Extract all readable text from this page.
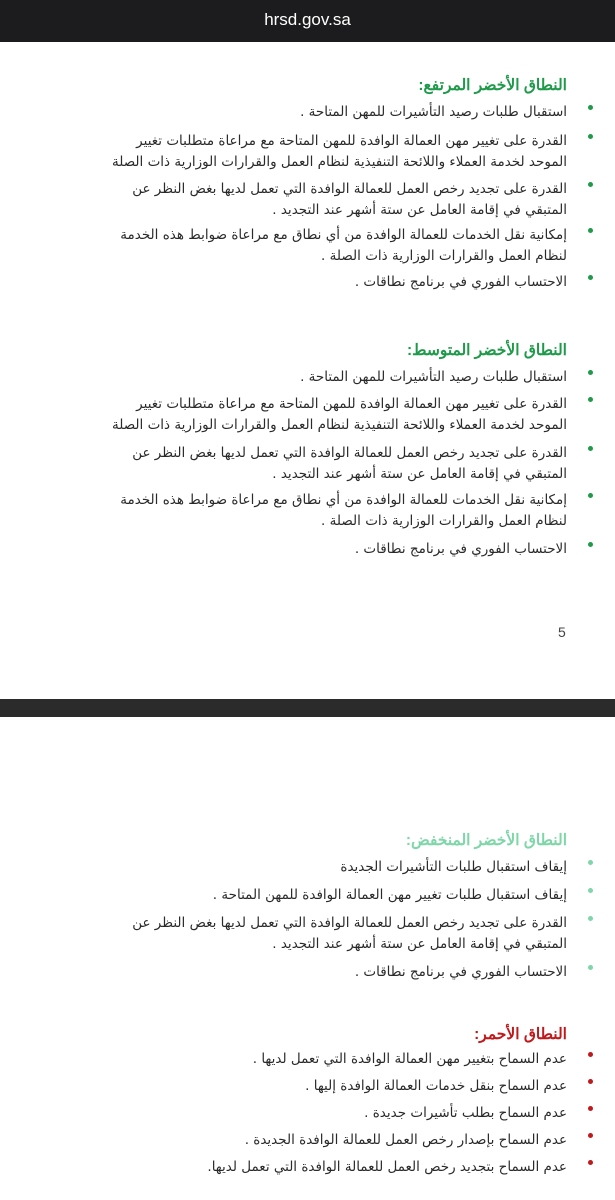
hrsd.gov.sa
النطاق الأخضر المرتفع:
استقبال طلبات رصيد التأشيرات للمهن المتاحة .
القدرة على تغيير مهن العمالة الوافدة للمهن المتاحة مع مراعاة متطلبات تغيير
الموحد لخدمة العملاء واللائحة التنفيذية لنظام العمل والقرارات الوزارية ذات الصلة
القدرة على تجديد رخص العمل للعمالة الوافدة التي تعمل لديها بغض النظر عن
المتبقي في إقامة العامل عن ستة أشهر عند التجديد .
إمكانية نقل الخدمات للعمالة الوافدة من أي نطاق مع مراعاة ضوابط هذه الخدمة
لنظام العمل والقرارات الوزارية ذات الصلة .
الاحتساب الفوري في برنامج نطاقات .
النطاق الأخضر المتوسط:
استقبال طلبات رصيد التأشيرات للمهن المتاحة .
القدرة على تغيير مهن العمالة الوافدة للمهن المتاحة مع مراعاة متطلبات تغيير
الموحد لخدمة العملاء واللائحة التنفيذية لنظام العمل والقرارات الوزارية ذات الصلة
القدرة على تجديد رخص العمل للعمالة الوافدة التي تعمل لديها بغض النظر عن
المتبقي في إقامة العامل عن ستة أشهر عند التجديد .
إمكانية نقل الخدمات للعمالة الوافدة من أي نطاق مع مراعاة ضوابط هذه الخدمة
لنظام العمل والقرارات الوزارية ذات الصلة .
الاحتساب الفوري في برنامج نطاقات .
5
النطاق الأخضر المنخفض:
إيقاف استقبال طلبات التأشيرات الجديدة
إيقاف استقبال طلبات تغيير مهن العمالة الوافدة للمهن المتاحة .
القدرة على تجديد رخص العمل للعمالة الوافدة التي تعمل لديها بغض النظر عن
المتبقي في إقامة العامل عن ستة أشهر عند التجديد .
الاحتساب الفوري في برنامج نطاقات .
النطاق الأحمر:
عدم السماح بتغيير مهن العمالة الوافدة التي تعمل لديها .
عدم السماح بنقل خدمات العمالة الوافدة إليها .
عدم السماح بطلب تأشيرات جديدة .
عدم السماح بإصدار رخص العمل للعمالة الوافدة الجديدة .
عدم السماح بتجديد رخص العمل للعمالة الوافدة التي تعمل لديها.
